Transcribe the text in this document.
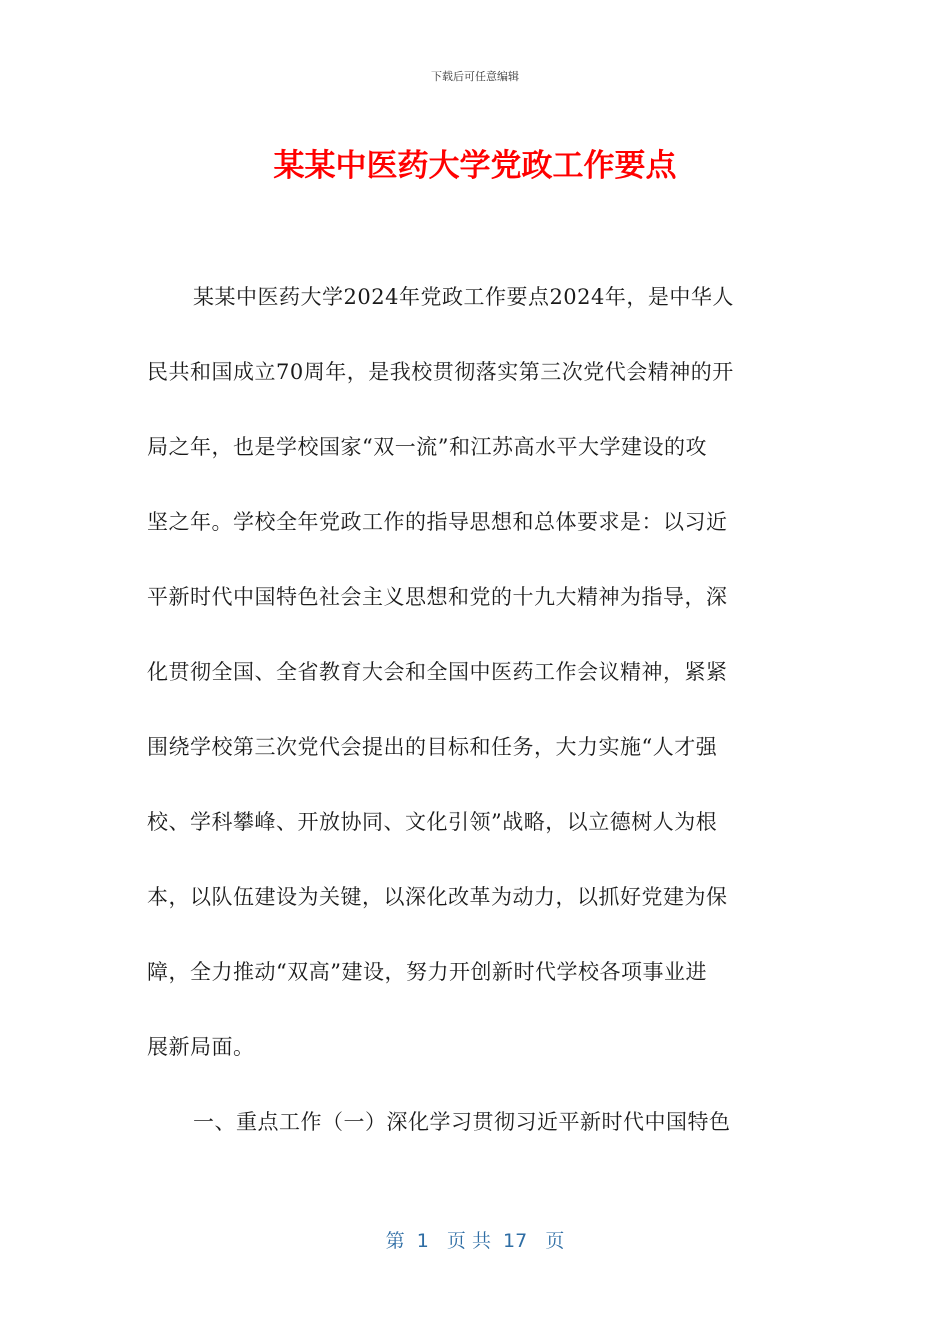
下载后可任意编辑
某某中医药大学党政工作要点
某某中医药大学2024年党政工作要点2024年，是中华人
民共和国成立70周年，是我校贯彻落实第三次党代会精神的开
局之年，也是学校国家“双一流”和江苏高水平大学建设的攻
坚之年。学校全年党政工作的指导思想和总体要求是：以习近
平新时代中国特色社会主义思想和党的十九大精神为指导，深
化贯彻全国、全省教育大会和全国中医药工作会议精神，紧紧
围绕学校第三次党代会提出的目标和任务，大力实施“人才强
校、学科攀峰、开放协同、文化引领”战略，以立德树人为根
本，以队伍建设为关键，以深化改革为动力，以抓好党建为保
障，全力推动“双高”建设，努力开创新时代学校各项事业进
展新局面。
一、重点工作（一）深化学习贯彻习近平新时代中国特色
第  1   页 共  17   页
